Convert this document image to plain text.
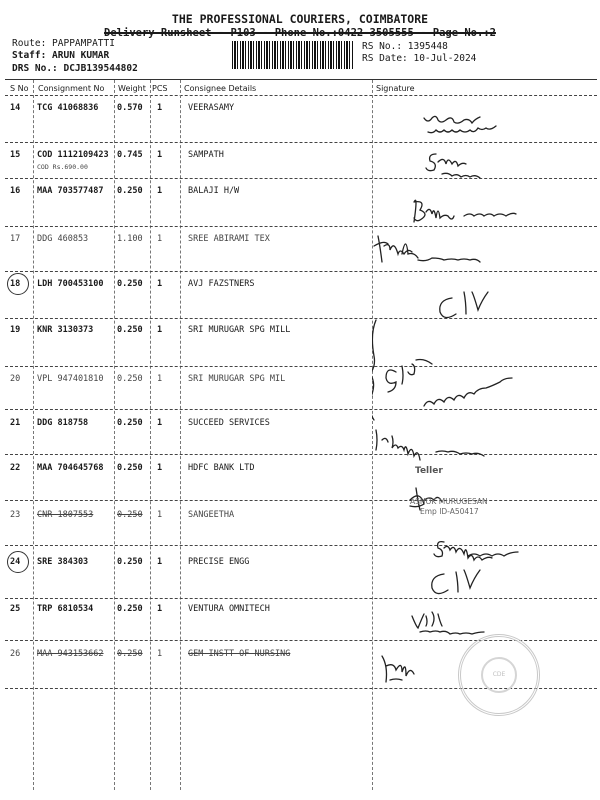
THE PROFESSIONAL COURIERS, COIMBATORE
Delivery Runsheet - P103 - Phone No.:0422-3505555 - Page No.:2
Route: PAPPAMPATTI
Staff: ARUN KUMAR
DRS No.: DCJB139544802
RS No.: 1395448
RS Date: 10-Jul-2024
S No Consignment No Weight PCS Consignee Details	Signature
14 TCG 41068836 0.570 1	VEERASAMY
15 COD 1112109423 0.745 1	SAMPATH
COD Rs.690.00
16 MAA 703577487 0.250 1	BALAJI H/W
17 DDG 460853	1.100 1	SREE ABIRAMI TEX
18 LDH 700453100 0.250 1	AVJ FAZSTNERS
19 KNR 3130373	0.250 1	SRI MURUGAR SPG MILL
20 VPL 947401810 0.250 1	SRI MURUGAR SPG MIL
21 DDG 818758	0.250 1	SUCCEED SERVICES
22 MAA 704645768 0.250 1	HDFC BANK LTD
23 CNR 1807553	0.250 1	SANGEETHA
24 SRE 384303	0.250 1	PRECISE ENGG
25 TRP 6810534	0.250 1	VENTURA OMNITECH
26 MAA 943153662 0.250 1	GEM INSTT OF NURSING
Teller
ASHOK MURUGESAN
Emp ID-A50417
CDE
